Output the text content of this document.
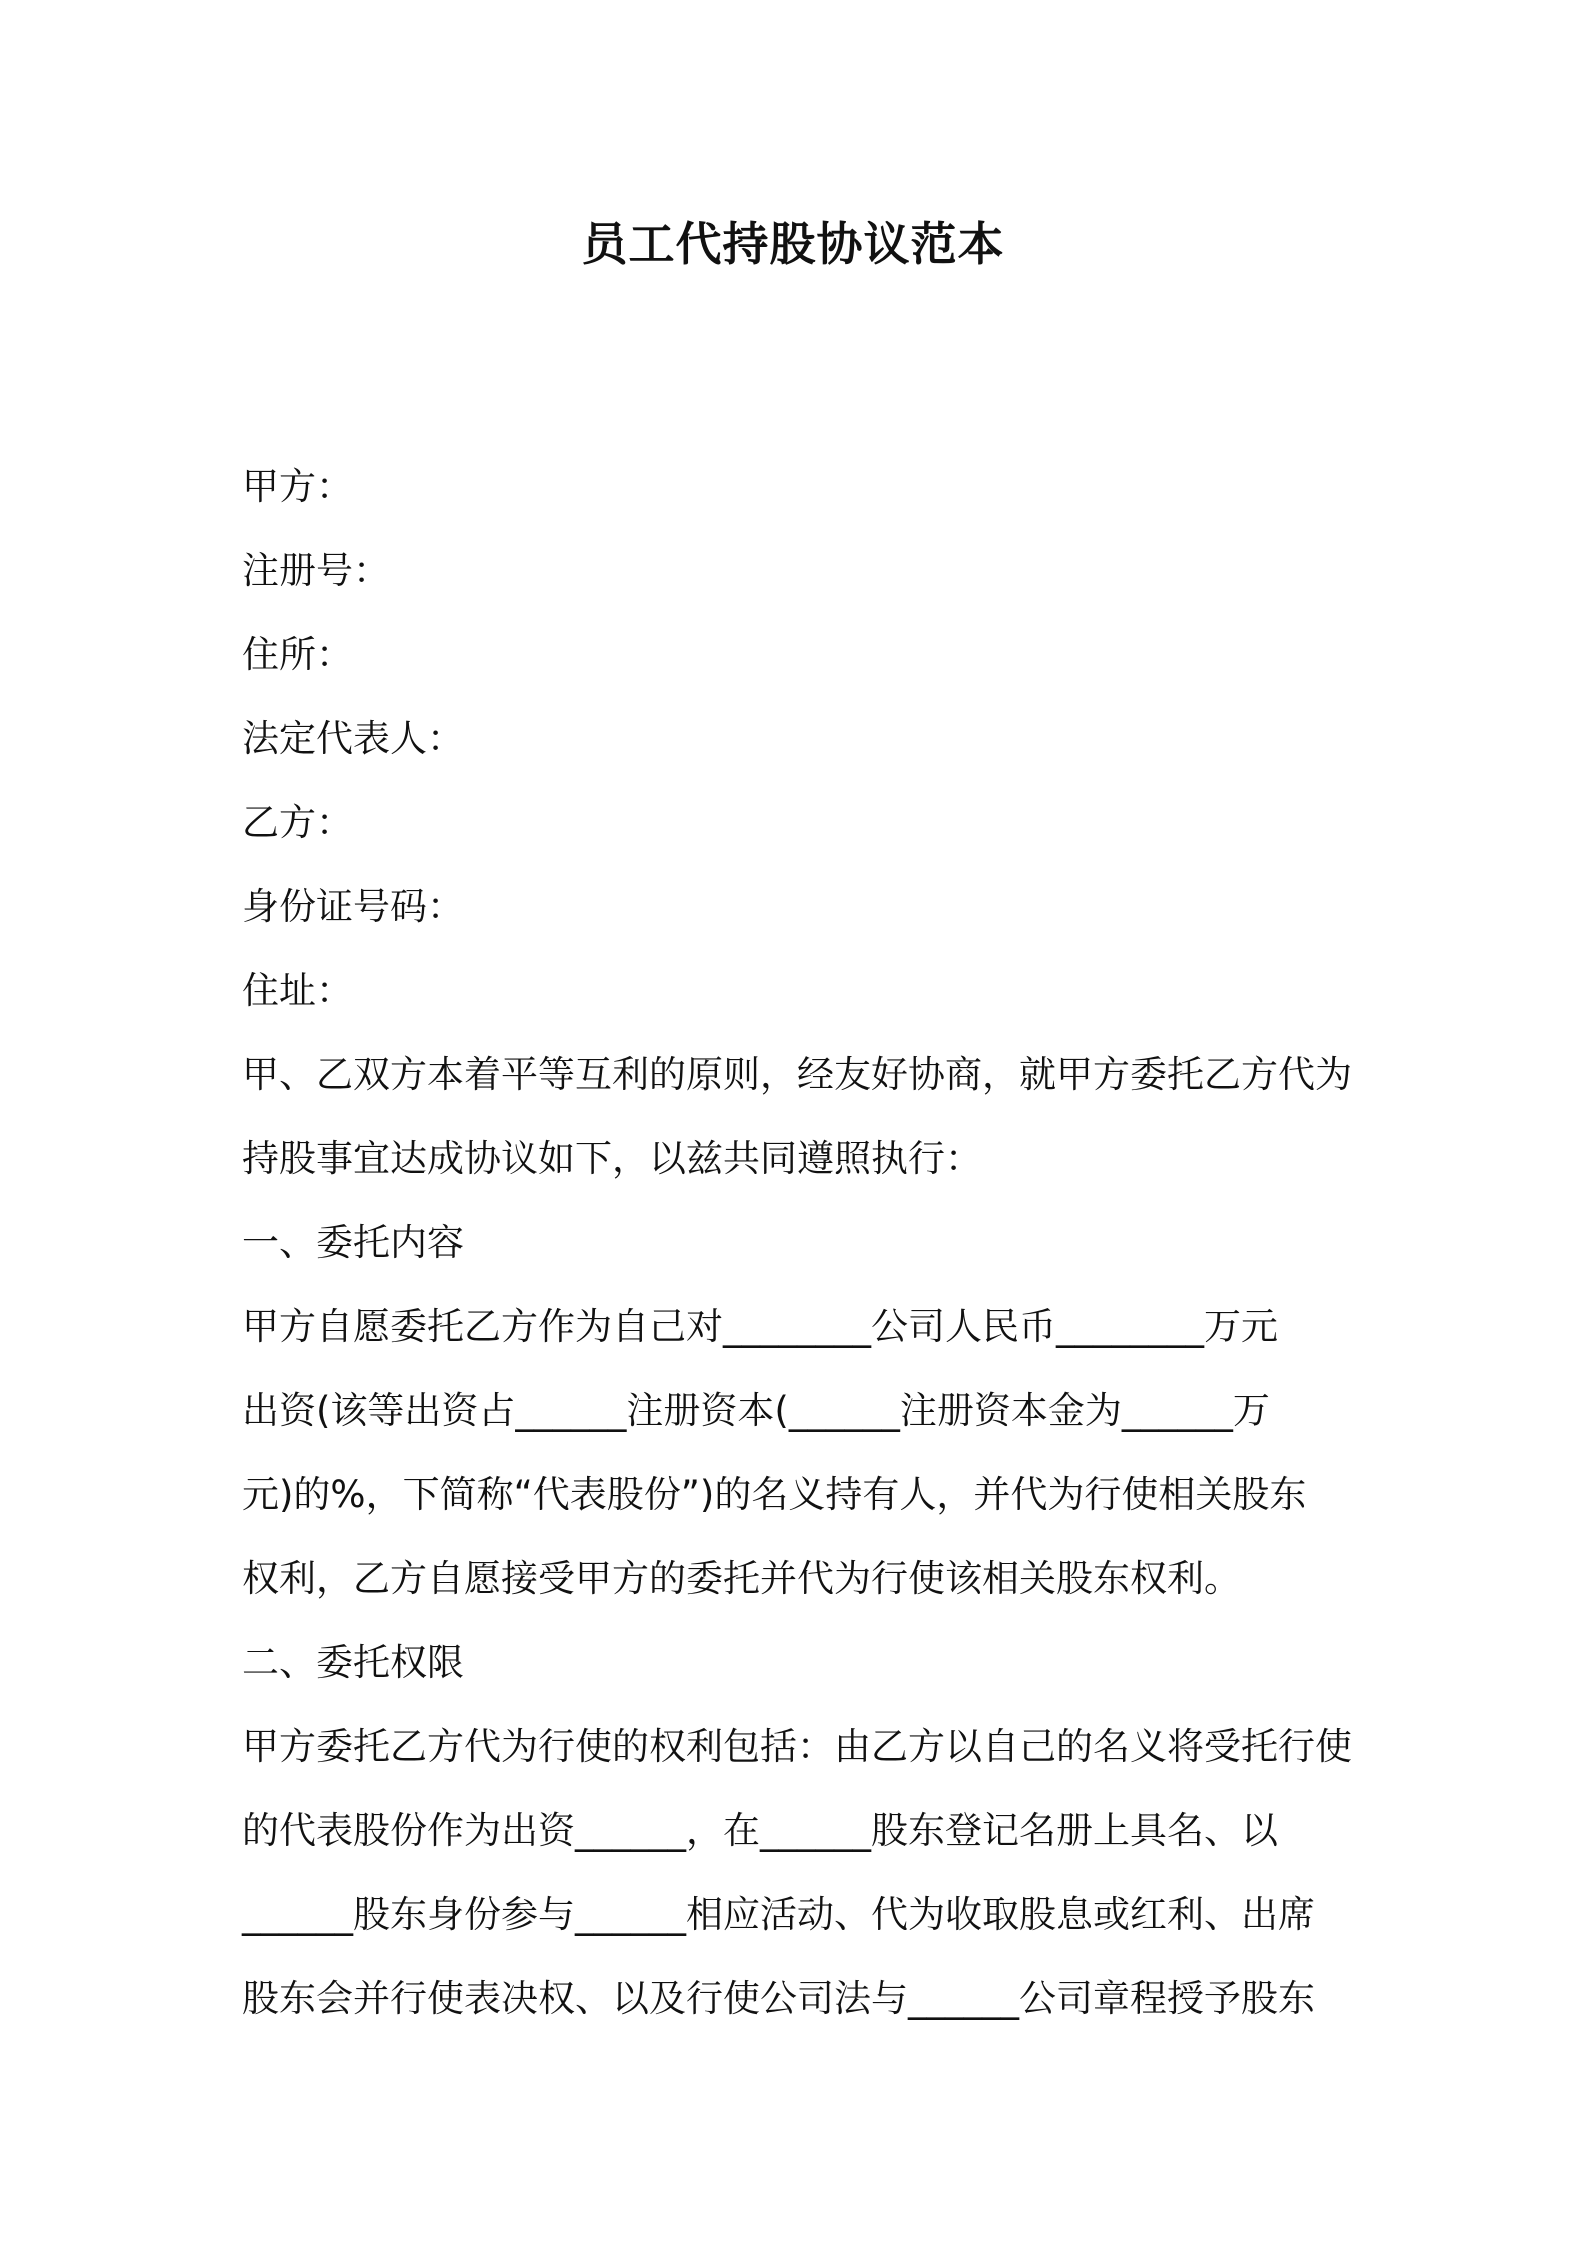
员工代持股协议范本

甲方：

注册号：

住所：

法定代表人：

乙方：

身份证号码：

住址：

甲、乙双方本着平等互利的原则，经友好协商，就甲方委托乙方代为

持股事宜达成协议如下，以兹共同遵照执行：

一、委托内容

甲方自愿委托乙方作为自己对________公司人民币________万元

出资(该等出资占______注册资本(______注册资本金为______万

元)的%，下简称“代表股份”)的名义持有人，并代为行使相关股东

权利，乙方自愿接受甲方的委托并代为行使该相关股东权利。

二、委托权限

甲方委托乙方代为行使的权利包括：由乙方以自己的名义将受托行使

的代表股份作为出资______，在______股东登记名册上具名、以

______股东身份参与______相应活动、代为收取股息或红利、出席

股东会并行使表决权、以及行使公司法与______公司章程授予股东
